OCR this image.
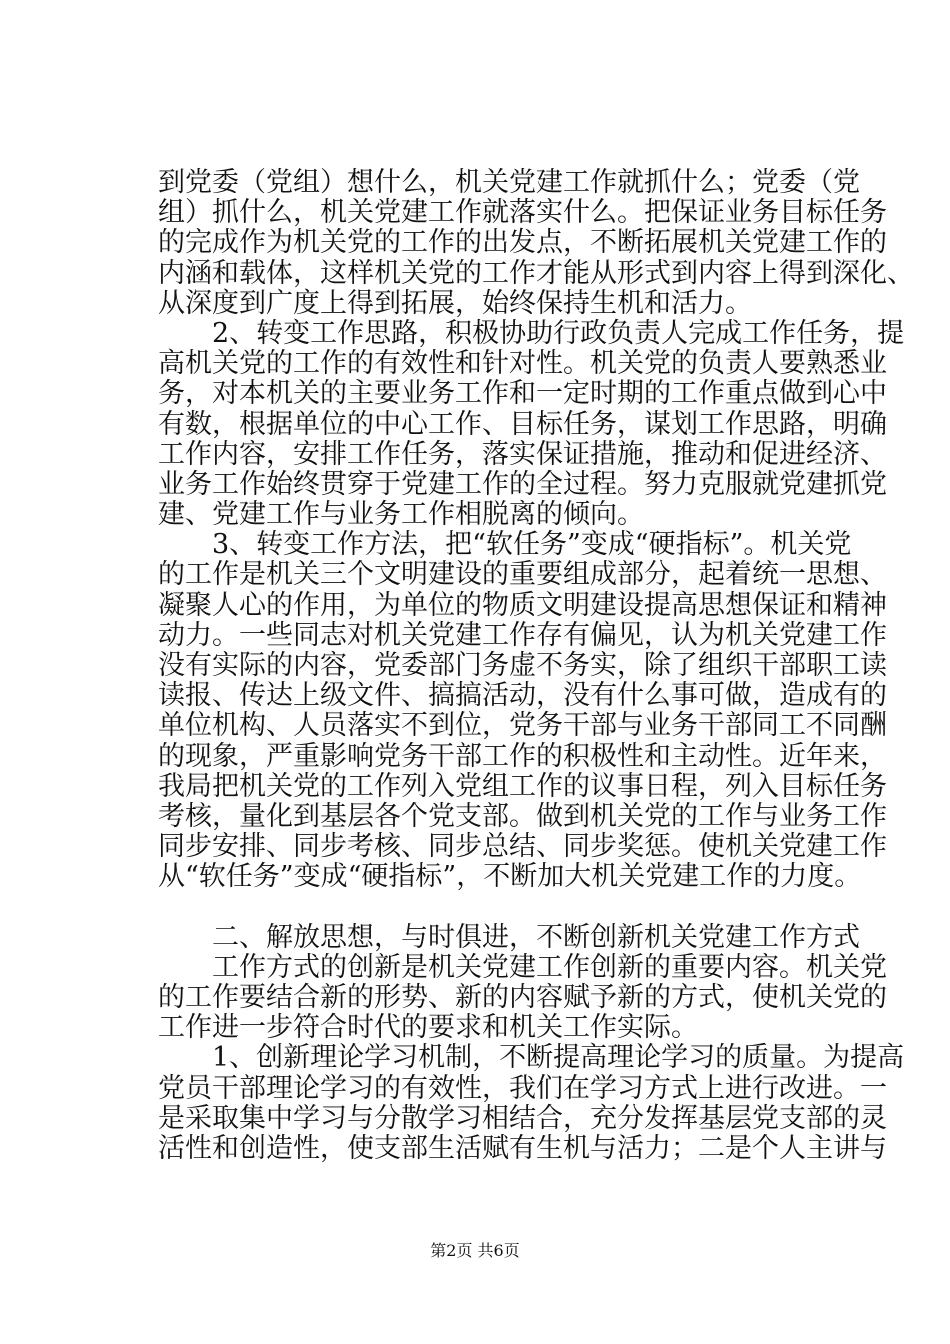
到党委（党组）想什么，机关党建工作就抓什么；党委（党
组）抓什么，机关党建工作就落实什么。把保证业务目标任务
的完成作为机关党的工作的出发点，不断拓展机关党建工作的
内涵和载体，这样机关党的工作才能从形式到内容上得到深化、
从深度到广度上得到拓展，始终保持生机和活力。
　　2、转变工作思路，积极协助行政负责人完成工作任务，提
高机关党的工作的有效性和针对性。机关党的负责人要熟悉业
务，对本机关的主要业务工作和一定时期的工作重点做到心中
有数，根据单位的中心工作、目标任务，谋划工作思路，明确
工作内容，安排工作任务，落实保证措施，推动和促进经济、
业务工作始终贯穿于党建工作的全过程。努力克服就党建抓党
建、党建工作与业务工作相脱离的倾向。
　　3、转变工作方法，把“软任务”变成“硬指标”。机关党
的工作是机关三个文明建设的重要组成部分，起着统一思想、
凝聚人心的作用，为单位的物质文明建设提高思想保证和精神
动力。一些同志对机关党建工作存有偏见，认为机关党建工作
没有实际的内容，党委部门务虚不务实，除了组织干部职工读
读报、传达上级文件、搞搞活动，没有什么事可做，造成有的
单位机构、人员落实不到位，党务干部与业务干部同工不同酬
的现象，严重影响党务干部工作的积极性和主动性。近年来，
我局把机关党的工作列入党组工作的议事日程，列入目标任务
考核，量化到基层各个党支部。做到机关党的工作与业务工作
同步安排、同步考核、同步总结、同步奖惩。使机关党建工作
从“软任务”变成“硬指标”，不断加大机关党建工作的力度。
　　二、解放思想，与时俱进，不断创新机关党建工作方式
　　工作方式的创新是机关党建工作创新的重要内容。机关党
的工作要结合新的形势、新的内容赋予新的方式，使机关党的
工作进一步符合时代的要求和机关工作实际。
　　1、创新理论学习机制，不断提高理论学习的质量。为提高
党员干部理论学习的有效性，我们在学习方式上进行改进。一
是采取集中学习与分散学习相结合，充分发挥基层党支部的灵
活性和创造性，使支部生活赋有生机与活力；二是个人主讲与
第2页 共6页
